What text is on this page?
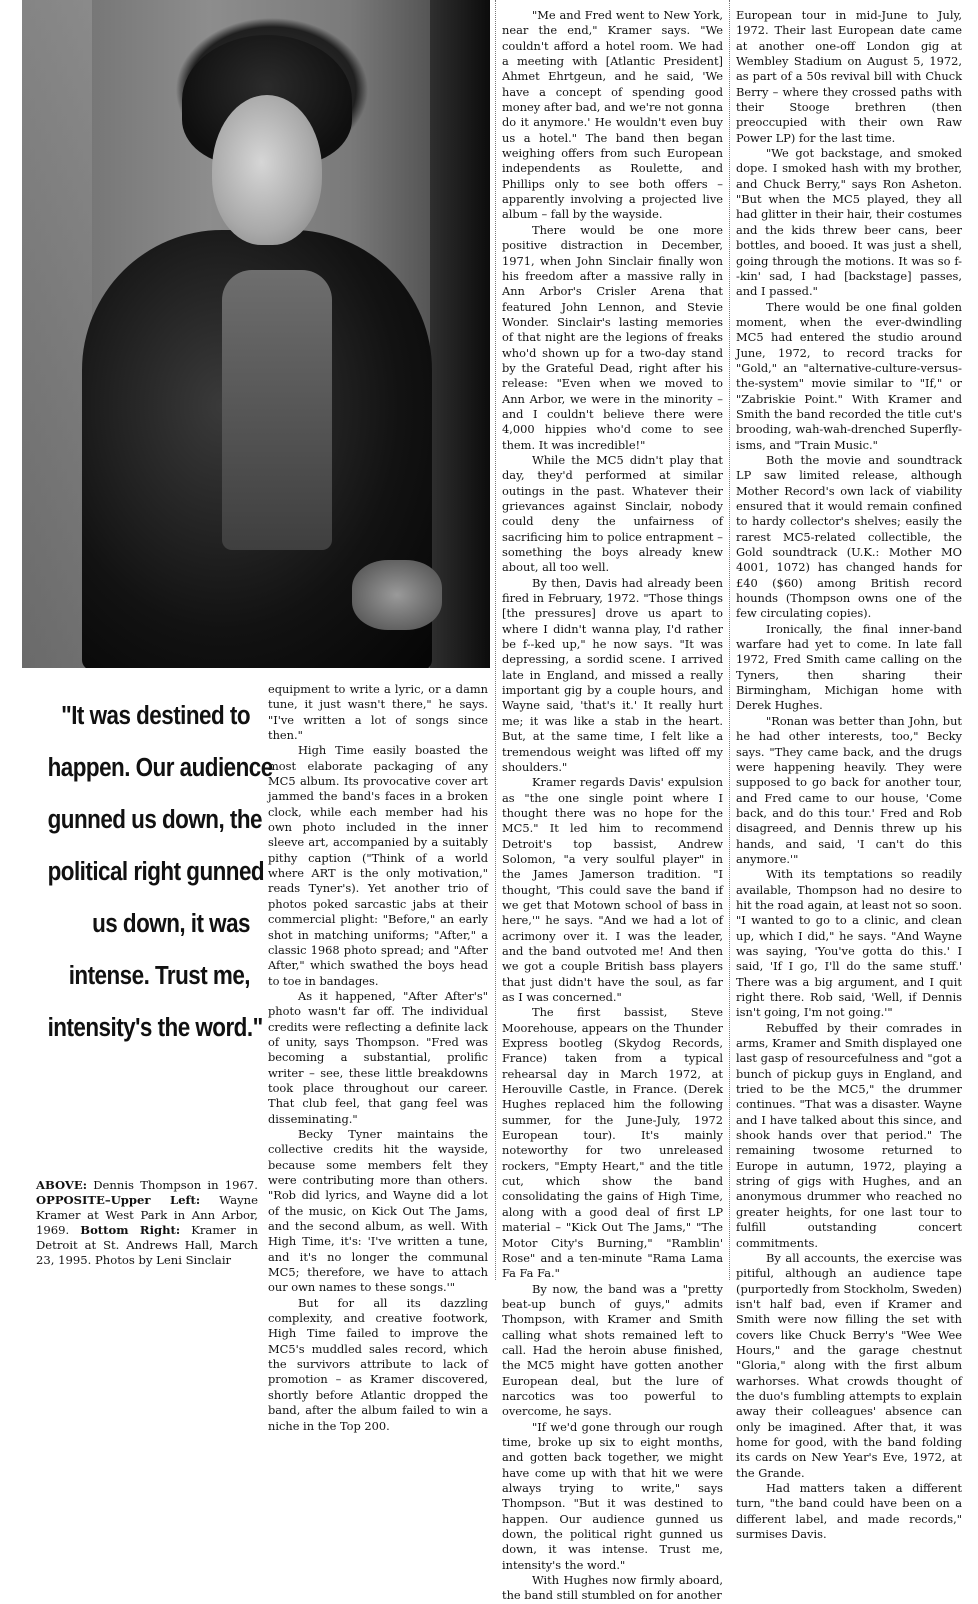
"It was destined to
happen. Our audience
gunned us down, the
political right gunned
us down, it was
intense. Trust me,
intensity's the word."
ABOVE: Dennis Thompson in 1967. OPPOSITE–Upper Left: Wayne Kramer at West Park in Ann Arbor, 1969. Bottom Right: Kramer in Detroit at St. Andrews Hall, March 23, 1995. Photos by Leni Sinclair

equipment to write a lyric, or a damn tune, it just wasn't there," he says. "I've written a lot of songs since then."

High Time easily boasted the most elaborate packaging of any MC5 album. Its provocative cover art jammed the band's faces in a broken clock, while each member had his own photo included in the inner sleeve art, accompanied by a suitably pithy caption ("Think of a world where ART is the only motivation," reads Tyner's). Yet another trio of photos poked sarcastic jabs at their commercial plight: "Before," an early shot in matching uniforms; "After," a classic 1968 photo spread; and "After After," which swathed the boys head to toe in bandages.

As it happened, "After After's" photo wasn't far off. The individual credits were reflecting a definite lack of unity, says Thompson. "Fred was becoming a substantial, prolific writer – see, these little breakdowns took place throughout our career. That club feel, that gang feel was disseminating."

Becky Tyner maintains the collective credits hit the wayside, because some members felt they were contributing more than others. "Rob did lyrics, and Wayne did a lot of the music, on Kick Out The Jams, and the second album, as well. With High Time, it's: 'I've written a tune, and it's no longer the communal MC5; therefore, we have to attach our own names to these songs.'"

But for all its dazzling complexity, and creative footwork, High Time failed to improve the MC5's muddled sales record, which the survivors attribute to lack of promotion – as Kramer discovered, shortly before Atlantic dropped the band, after the album failed to win a niche in the Top 200.

"Me and Fred went to New York, near the end," Kramer says. "We couldn't afford a hotel room. We had a meeting with [Atlantic President] Ahmet Ehrtgeun, and he said, 'We have a concept of spending good money after bad, and we're not gonna do it anymore.' He wouldn't even buy us a hotel." The band then began weighing offers from such European independents as Roulette, and Phillips only to see both offers – apparently involving a projected live album – fall by the wayside.

There would be one more positive distraction in December, 1971, when John Sinclair finally won his freedom after a massive rally in Ann Arbor's Crisler Arena that featured John Lennon, and Stevie Wonder. Sinclair's lasting memories of that night are the legions of freaks who'd shown up for a two-day stand by the Grateful Dead, right after his release: "Even when we moved to Ann Arbor, we were in the minority – and I couldn't believe there were 4,000 hippies who'd come to see them. It was incredible!"

While the MC5 didn't play that day, they'd performed at similar outings in the past. Whatever their grievances against Sinclair, nobody could deny the unfairness of sacrificing him to police entrapment – something the boys already knew about, all too well.

By then, Davis had already been fired in February, 1972. "Those things [the pressures] drove us apart to where I didn't wanna play, I'd rather be f--ked up," he now says. "It was depressing, a sordid scene. I arrived late in England, and missed a really important gig by a couple hours, and Wayne said, 'that's it.' It really hurt me; it was like a stab in the heart. But, at the same time, I felt like a tremendous weight was lifted off my shoulders."

Kramer regards Davis' expulsion as "the one single point where I thought there was no hope for the MC5." It led him to recommend Detroit's top bassist, Andrew Solomon, "a very soulful player" in the James Jamerson tradition. "I thought, 'This could save the band if we get that Motown school of bass in here,'" he says. "And we had a lot of acrimony over it. I was the leader, and the band outvoted me! And then we got a couple British bass players that just didn't have the soul, as far as I was concerned."

The first bassist, Steve Moorehouse, appears on the Thunder Express bootleg (Skydog Records, France) taken from a typical rehearsal day in March 1972, at Herouville Castle, in France. (Derek Hughes replaced him the following summer, for the June-July, 1972 European tour). It's mainly noteworthy for two unreleased rockers, "Empty Heart," and the title cut, which show the band consolidating the gains of High Time, along with a good deal of first LP material – "Kick Out The Jams," "The Motor City's Burning," "Ramblin' Rose" and a ten-minute "Rama Lama Fa Fa Fa."

By now, the band was a "pretty beat-up bunch of guys," admits Thompson, with Kramer and Smith calling what shots remained left to call. Had the heroin abuse finished, the MC5 might have gotten another European deal, but the lure of narcotics was too powerful to overcome, he says.

"If we'd gone through our rough time, broke up six to eight months, and gotten back together, we might have come up with that hit we were always trying to write," says Thompson. "But it was destined to happen. Our audience gunned us down, the political right gunned us down, it was intense. Trust me, intensity's the word."

With Hughes now firmly aboard, the band still stumbled on for another

European tour in mid-June to July, 1972. Their last European date came at another one-off London gig at Wembley Stadium on August 5, 1972, as part of a 50s revival bill with Chuck Berry – where they crossed paths with their Stooge brethren (then preoccupied with their own Raw Power LP) for the last time.

"We got backstage, and smoked dope. I smoked hash with my brother, and Chuck Berry," says Ron Asheton. "But when the MC5 played, they all had glitter in their hair, their costumes and the kids threw beer cans, beer bottles, and booed. It was just a shell, going through the motions. It was so f--kin' sad, I had [backstage] passes, and I passed."

There would be one final golden moment, when the ever-dwindling MC5 had entered the studio around June, 1972, to record tracks for "Gold," an "alternative-culture-versus-the-system" movie similar to "If," or "Zabriskie Point." With Kramer and Smith the band recorded the title cut's brooding, wah-wah-drenched Superfly-isms, and "Train Music."

Both the movie and soundtrack LP saw limited release, although Mother Record's own lack of viability ensured that it would remain confined to hardy collector's shelves; easily the rarest MC5-related collectible, the Gold soundtrack (U.K.: Mother MO 4001, 1072) has changed hands for £40 ($60) among British record hounds (Thompson owns one of the few circulating copies).

Ironically, the final inner-band warfare had yet to come. In late fall 1972, Fred Smith came calling on the Tyners, then sharing their Birmingham, Michigan home with Derek Hughes.

"Ronan was better than John, but he had other interests, too," Becky says. "They came back, and the drugs were happening heavily. They were supposed to go back for another tour, and Fred came to our house, 'Come back, and do this tour.' Fred and Rob disagreed, and Dennis threw up his hands, and said, 'I can't do this anymore.'"

With its temptations so readily available, Thompson had no desire to hit the road again, at least not so soon. "I wanted to go to a clinic, and clean up, which I did," he says. "And Wayne was saying, 'You've gotta do this.' I said, 'If I go, I'll do the same stuff.' There was a big argument, and I quit right there. Rob said, 'Well, if Dennis isn't going, I'm not going.'"

Rebuffed by their comrades in arms, Kramer and Smith displayed one last gasp of resourcefulness and "got a bunch of pickup guys in England, and tried to be the MC5," the drummer continues. "That was a disaster. Wayne and I have talked about this since, and shook hands over that period." The remaining twosome returned to Europe in autumn, 1972, playing a string of gigs with Hughes, and an anonymous drummer who reached no greater heights, for one last tour to fulfill outstanding concert commitments.

By all accounts, the exercise was pitiful, although an audience tape (purportedly from Stockholm, Sweden) isn't half bad, even if Kramer and Smith were now filling the set with covers like Chuck Berry's "Wee Wee Hours," and the garage chestnut "Gloria," along with the first album warhorses. What crowds thought of the duo's fumbling attempts to explain away their colleagues' absence can only be imagined. After that, it was home for good, with the band folding its cards on New Year's Eve, 1972, at the Grande.

Had matters taken a different turn, "the band could have been on a different label, and made records," surmises Davis.
